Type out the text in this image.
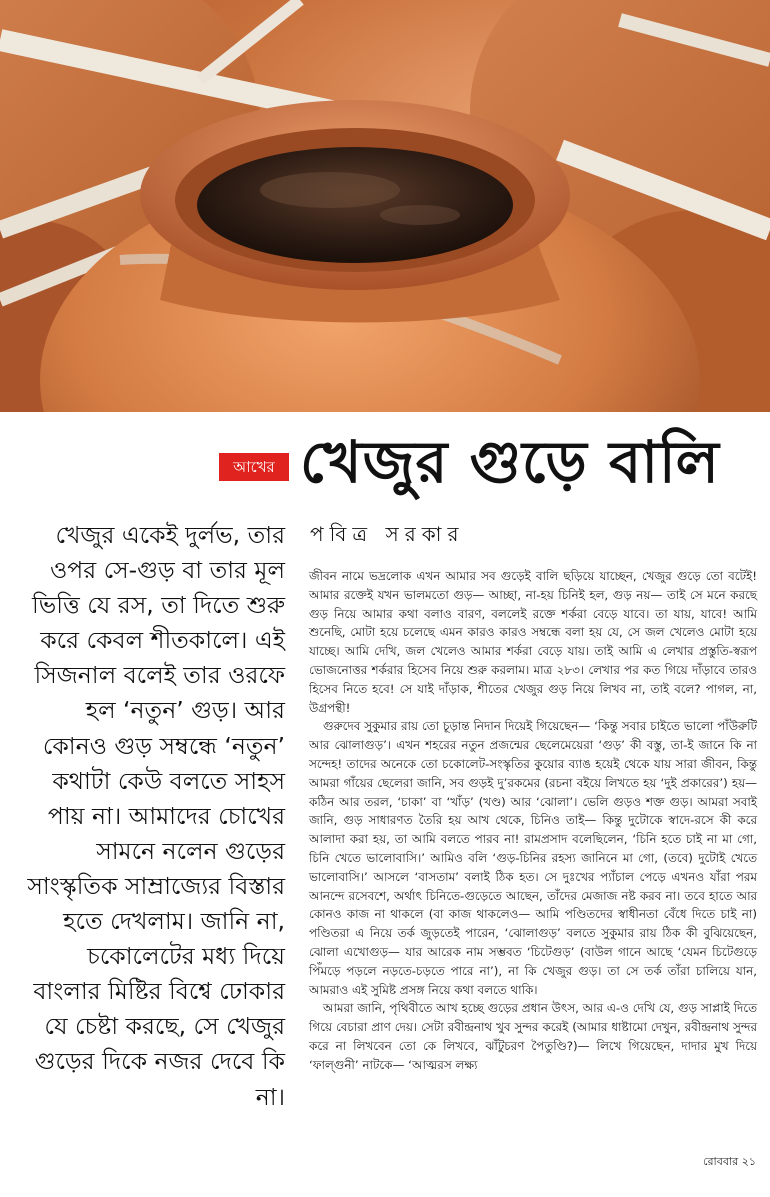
আখের খেজুর গুড়ে বালি
খেজুর একেই দুর্লভ, তার ওপর সে-গুড় বা তার মূল ভিত্তি যে রস, তা দিতে শুরু করে কেবল শীতকালে। এই সিজনাল বলেই তার ওরফে হল ‘নতুন’ গুড়। আর কোনও গুড় সম্বন্ধে ‘নতুন’ কথাটা কেউ বলতে সাহস পায় না। আমাদের চোখের সামনে নলেন গুড়ের সাংস্কৃতিক সাম্রাজ্যের বিস্তার হতে দেখলাম। জানি না, চকোলেটের মধ্য দিয়ে বাংলার মিষ্টির বিশ্বে ঢোকার যে চেষ্টা করছে, সে খেজুর গুড়ের দিকে নজর দেবে কি না।
পবিত্র সরকার

জীবন নামে ভদ্রলোক এখন আমার সব গুড়েই বালি ছড়িয়ে যাচ্ছেন, খেজুর গুড়ে তো বটেই! আমার রক্তেই যখন ভালমতো গুড়— আচ্ছা, না-হয় চিনিই হল, গুড় নয়— তাই সে মনে করছে গুড় নিয়ে আমার কথা বলাও বারণ, বললেই রক্তে শর্করা বেড়ে যাবে। তা যায়, যাবে! আমি শুনেছি, মোটা হয়ে চলেছে এমন কারও কারও সম্বন্ধে বলা হয় যে, সে জল খেলেও মোটা হয়ে যাচ্ছে। আমি দেখি, জল খেলেও আমার শর্করা বেড়ে যায়। তাই আমি এ লেখার প্রস্তুতি-স্বরূপ ভোজনোত্তর শর্করার হিসেব নিয়ে শুরু করলাম। মাত্র ২৮৩। লেখার পর কত গিয়ে দাঁড়াবে তারও হিসেব নিতে হবে! সে যাই দাঁড়াক, শীতের খেজুর গুড় নিয়ে লিখব না, তাই বলে? পাগল, না, উগ্রপন্থী!

গুরুদেব সুকুমার রায় তো চূড়ান্ত নিদান দিয়েই গিয়েছেন— ‘কিন্তু সবার চাইতে ভালো পাঁউরুটি আর ঝোলাগুড়’। এখন শহরের নতুন প্রজন্মের ছেলেমেয়েরা ‘গুড়’ কী বস্তু, তা-ই জানে কি না সন্দেহ! তাদের অনেকে তো চকোলেট-সংস্কৃতির কুয়োর ব্যাঙ হয়েই থেকে যায় সারা জীবন, কিন্তু আমরা গাঁয়ের ছেলেরা জানি, সব গুড়ই দু’রকমের (রচনা বইয়ে লিখতে হয় ‘দুই প্রকারের’) হয়— কঠিন আর তরল, ‘চাকা’ বা ‘খাঁড়’ (খণ্ড) আর ‘ঝোলা’। ভেলি গুড়ও শক্ত গুড়। আমরা সবাই জানি, গুড় সাধারণত তৈরি হয় আখ থেকে, চিনিও তাই— কিন্তু দুটোকে স্বাদে-রসে কী করে আলাদা করা হয়, তা আমি বলতে পারব না! রামপ্রসাদ বলেছিলেন, ‘চিনি হতে চাই না মা গো, চিনি খেতে ভালোবাসি।’ আমিও বলি ‘গুড়-চিনির রহস্য জানিনে মা গো, (তবে) দুটোই খেতে ভালোবাসি।’ আসলে ‘বাসতাম’ বলাই ঠিক হত। সে দুঃখের প্যাঁচাল পেড়ে এখনও যাঁরা পরম আনন্দে রসেবশে, অর্থাৎ চিনিতে-গুড়েতে আছেন, তাঁদের মেজাজ নষ্ট করব না। তবে হাতে আর কোনও কাজ না থাকলে (বা কাজ থাকলেও— আমি পণ্ডিতদের স্বাধীনতা বেঁধে দিতে চাই না) পণ্ডিতরা এ নিয়ে তর্ক জুড়তেই পারেন, ‘ঝোলাগুড়’ বলতে সুকুমার রায় ঠিক কী বুঝিয়েছেন, ঝোলা এখোগুড়— যার আরেক নাম সম্ভবত ‘চিটেগুড়’ (বাউল গানে আছে ‘যেমন চিটেগুড়ে পিঁমড়ে পড়লে নড়তে-চড়তে পারে না’), না কি খেজুর গুড়। তা সে তর্ক তাঁরা চালিয়ে যান, আমরাও এই সুমিষ্ট প্রসঙ্গ নিয়ে কথা বলতে থাকি।

আমরা জানি, পৃথিবীতে আখ হচ্ছে গুড়ের প্রধান উৎস, আর এ-ও দেখি যে, গুড় সাপ্লাই দিতে গিয়ে বেচারা প্রাণ দেয়। সেটা রবীন্দ্রনাথ খুব সুন্দর করেই (আমার ধাষ্টামো দেখুন, রবীন্দ্রনাথ সুন্দর করে না লিখবেন তো কে লিখবে, ঝাঁটুচরণ পৈতুণ্ডি?)— লিখে গিয়েছেন, দাদার মুখ দিয়ে ‘ফাল্গুনী’ নাটকে— ‘আত্মরস লক্ষ্য

রোববার ২১
